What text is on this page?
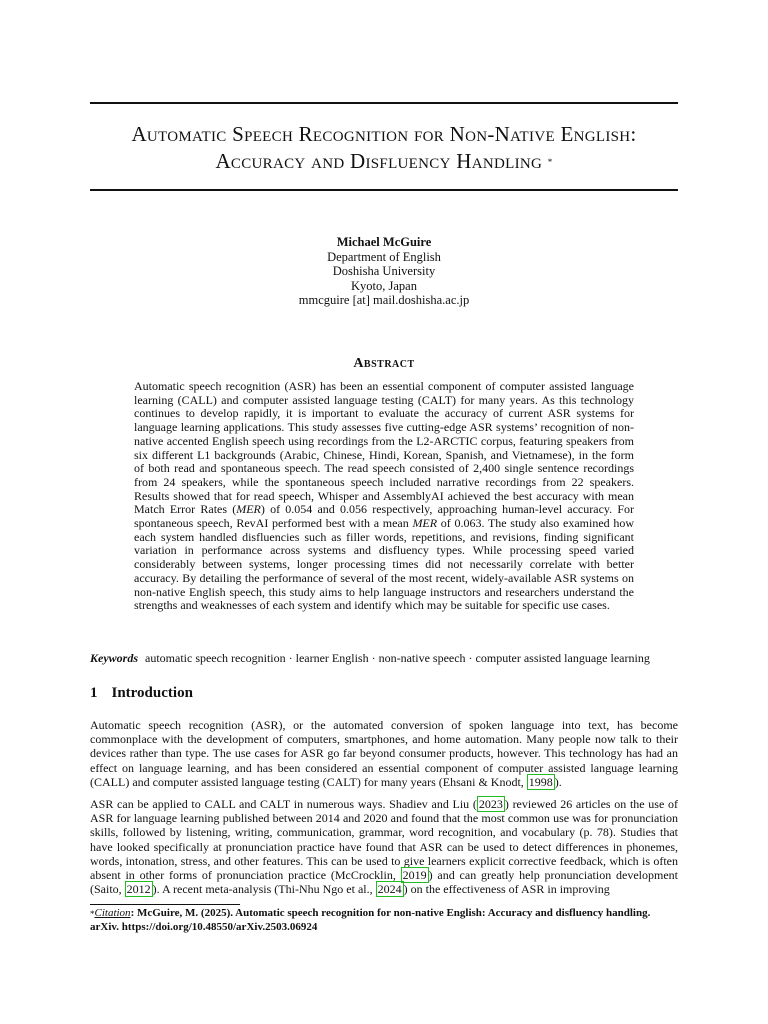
Automatic Speech Recognition for Non-Native English:
Accuracy and Disfluency Handling *
Michael McGuire
Department of English
Doshisha University
Kyoto, Japan
mmcguire [at] mail.doshisha.ac.jp
Abstract

Automatic speech recognition (ASR) has been an essential component of computer assisted language learning (CALL) and computer assisted language testing (CALT) for many years. As this technology continues to develop rapidly, it is important to evaluate the accuracy of current ASR systems for language learning applications. This study assesses five cutting-edge ASR systems’ recognition of non-native accented English speech using recordings from the L2-ARCTIC corpus, featuring speakers from six different L1 backgrounds (Arabic, Chinese, Hindi, Korean, Spanish, and Vietnamese), in the form of both read and spontaneous speech. The read speech consisted of 2,400 single sentence recordings from 24 speakers, while the spontaneous speech included narrative recordings from 22 speakers. Results showed that for read speech, Whisper and AssemblyAI achieved the best accuracy with mean Match Error Rates (MER) of 0.054 and 0.056 respectively, approaching human-level accuracy. For spontaneous speech, RevAI performed best with a mean MER of 0.063. The study also examined how each system handled disfluencies such as filler words, repetitions, and revisions, finding significant variation in performance across systems and disfluency types. While processing speed varied considerably between systems, longer processing times did not necessarily correlate with better accuracy. By detailing the performance of several of the most recent, widely-available ASR systems on non-native English speech, this study aims to help language instructors and researchers understand the strengths and weaknesses of each system and identify which may be suitable for specific use cases.

Keywords automatic speech recognition · learner English · non-native speech · computer assisted language learning

1 Introduction

Automatic speech recognition (ASR), or the automated conversion of spoken language into text, has become commonplace with the development of computers, smartphones, and home automation. Many people now talk to their devices rather than type. The use cases for ASR go far beyond consumer products, however. This technology has had an effect on language learning, and has been considered an essential component of computer assisted language learning (CALL) and computer assisted language testing (CALT) for many years (Ehsani & Knodt, 1998 ).

ASR can be applied to CALL and CALT in numerous ways. Shadiev and Liu ( 2023 ) reviewed 26 articles on the use of ASR for language learning published between 2014 and 2020 and found that the most common use was for pronunciation skills, followed by listening, writing, communication, grammar, word recognition, and vocabulary (p. 78). Studies that have looked specifically at pronunciation practice have found that ASR can be used to detect differences in phonemes, words, intonation, stress, and other features. This can be used to give learners explicit corrective feedback, which is often absent in other forms of pronunciation practice (McCrocklin, 2019 ) and can greatly help pronunciation development (Saito, 2012 ). A recent meta-analysis (Thi-Nhu Ngo et al., 2024 ) on the effectiveness of ASR in improving

*Citation: McGuire, M. (2025). Automatic speech recognition for non-native English: Accuracy and disfluency handling. arXiv. https://doi.org/10.48550/arXiv.2503.06924
